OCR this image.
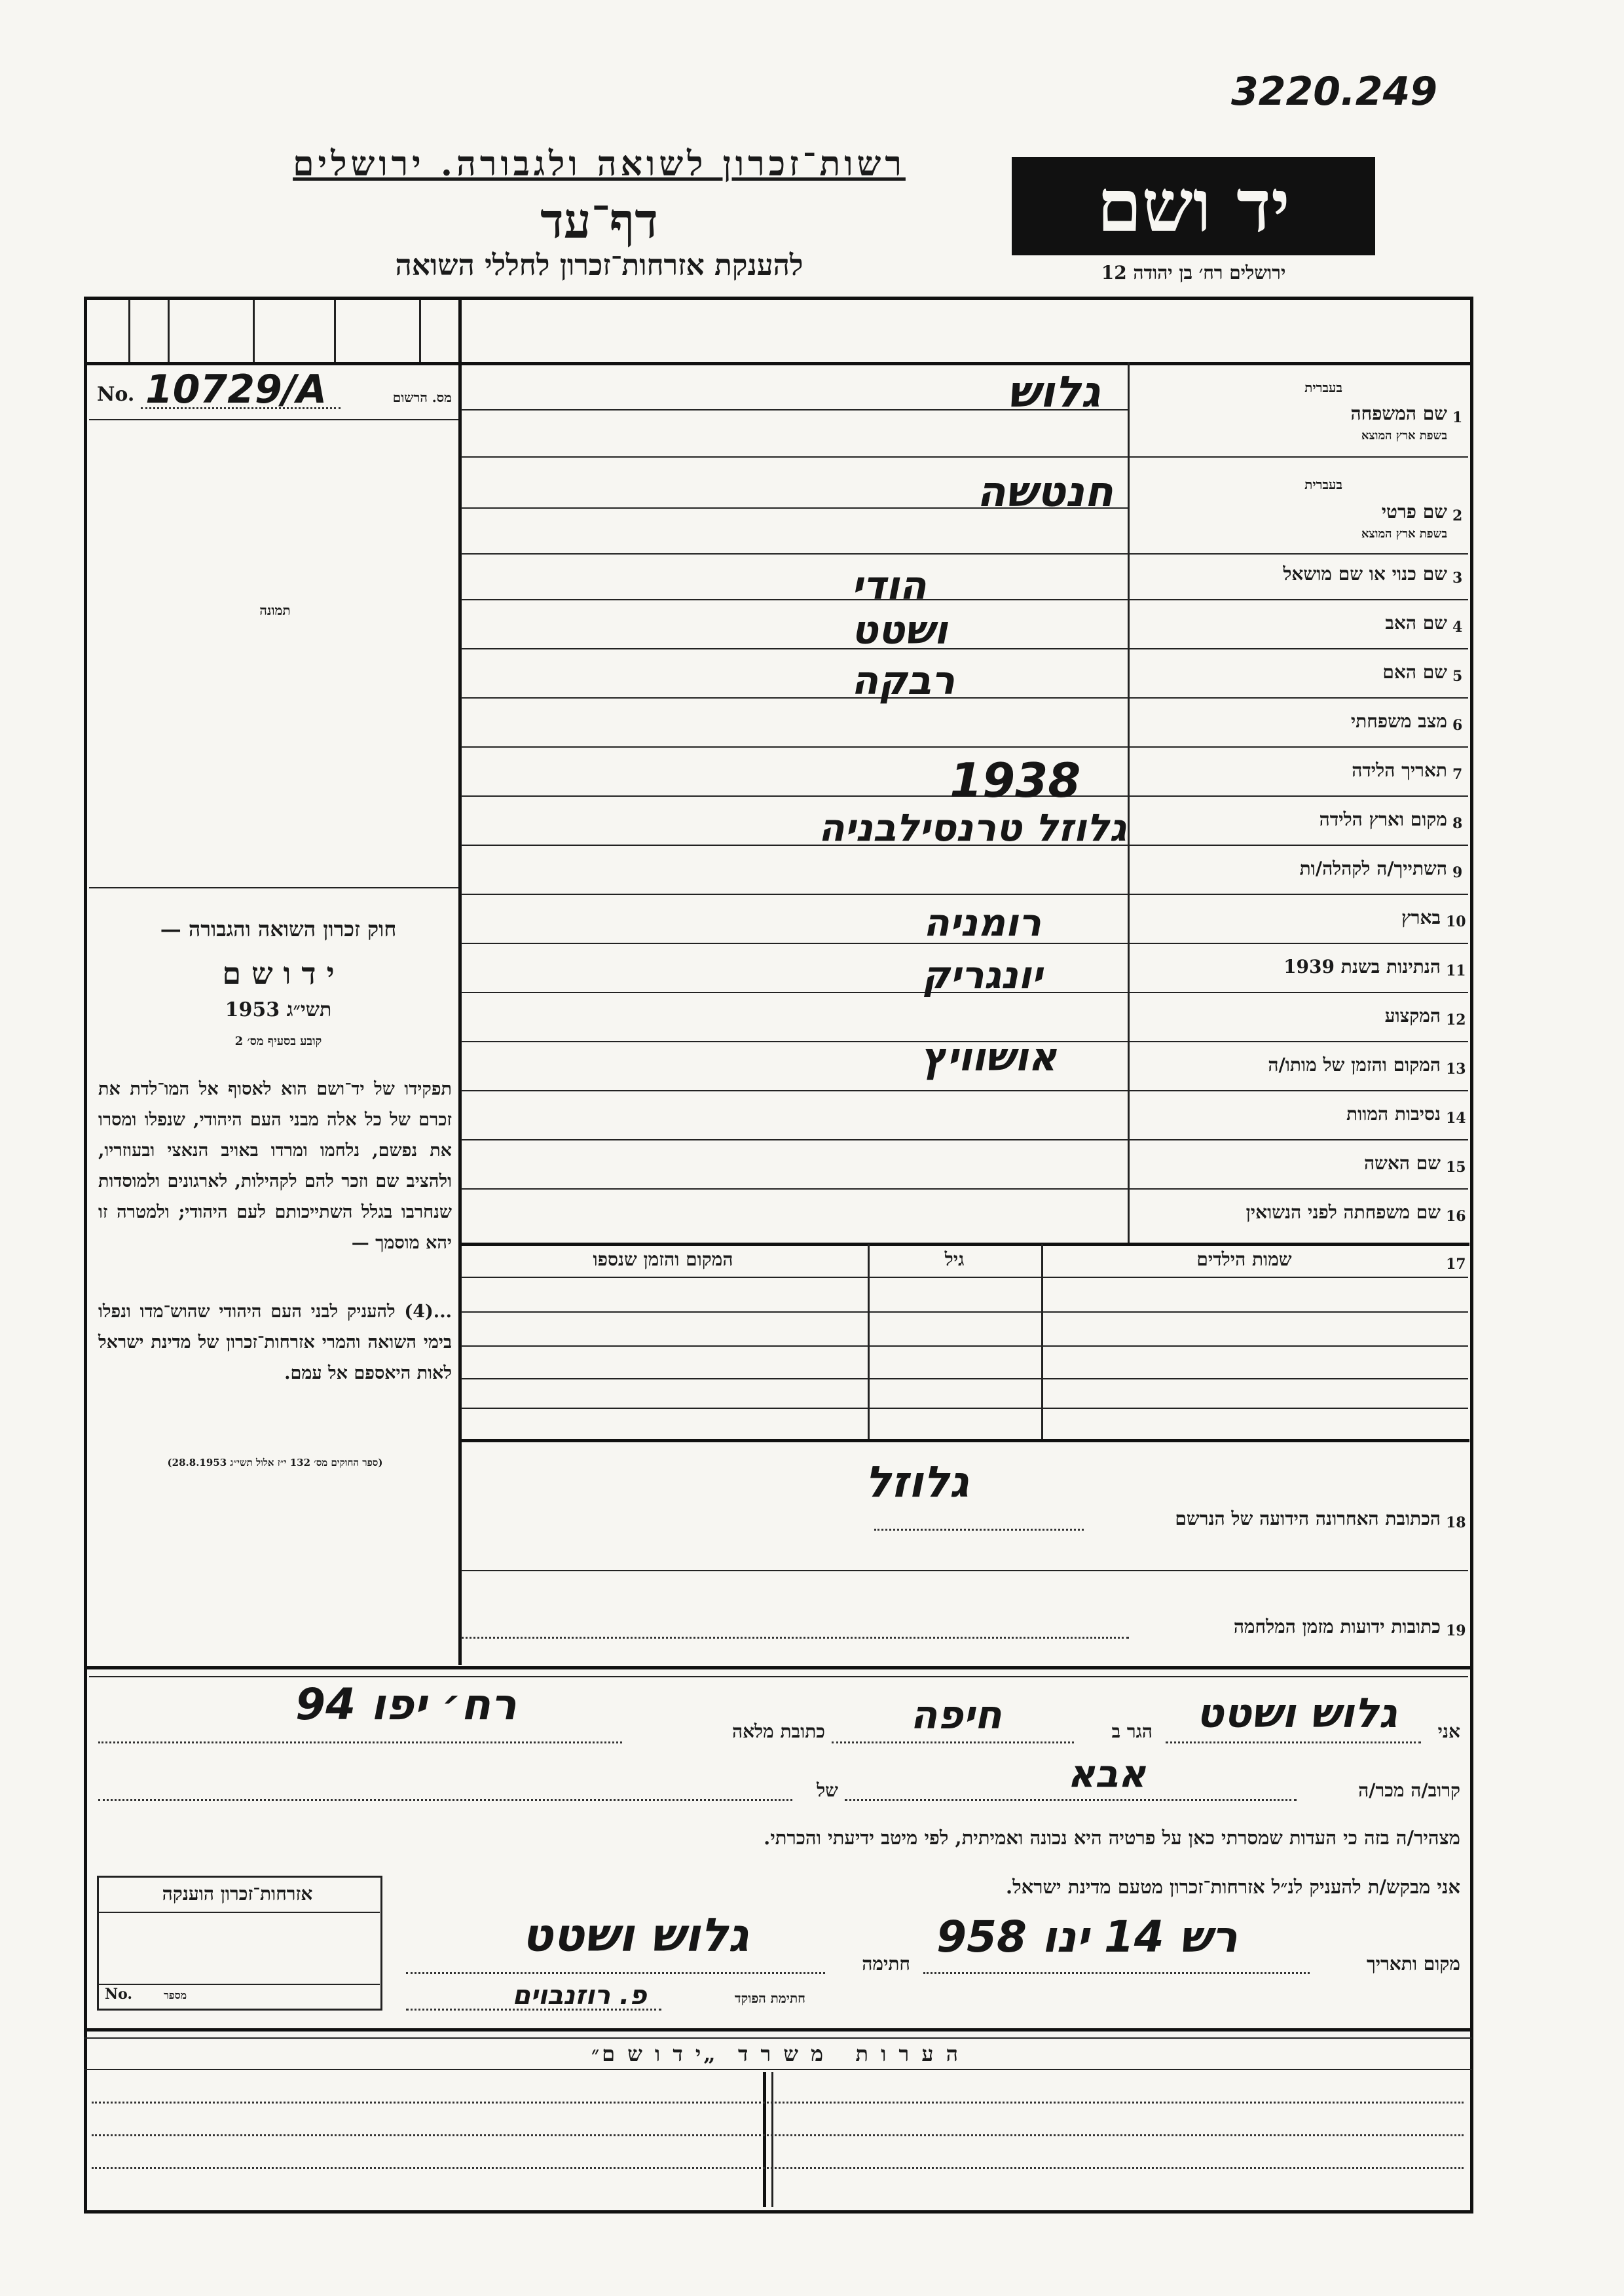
3220.249
רשות־זכרון לשואה ולגבורה. ירושלים
דף־עד
להענקת אזרחות־זכרון לחללי השואה
יד ושם
ירושלים רח׳ בן יהודה 12
No. 10729/A	מס. הרשום
תמונה
1
שם המשפחה
בעברית
בשפת ארץ המוצא
2
שם פרטי
בעברית
בשפת ארץ המוצא
3
שם כנוי או שם מושאל
4
שם האב
5
שם האם
6
מצב משפחתי
7
תאריך הלידה
8
מקום וארץ הלידה
9
השתייך/ה לקהלה/ות
10
בארץ
11
הנתינות בשנת 1939
12
המקצוע
13
המקום והזמן של מותו/ה
14
נסיבות המוות
15
שם האשה
16
שם משפחתה לפני הנשואין
גלוש
חנטשה
הודי
ושטט
רבקה
1938
גלוזל טרנסילבניה
רומניה
יונגריק
אושוויץ
חוק זכרון השואה והגבורה —
י ד ו ש ם
תשי״ג 1953
קובע בסעיף מס׳ 2
תפקידו של יד־ושם הוא לאסוף אל המו־לדת את זכרם של כל אלה מבני העם היהודי, שנפלו ומסרו את נפשם, נלחמו ומרדו באויב הנאצי ובעוזריו, ולהציב שם וזכר להם לקהילות, לארגונים ולמוסדות שנחרבו בגלל השתייכותם לעם היהודי; ולמטרה זו יהא מוסמך —
...(4) להעניק לבני העם היהודי שהוש־מדו ונפלו בימי השואה והמרי אזרחות־זכרון של מדינת ישראל לאות היאספם אל עמם.
(ספר החוקים מס׳ 132 י״ז אלול תשי״ג 28.8.1953)
17
שמות הילדים
גיל
המקום והזמן שנספו
18
הכתובת האחרונה הידועה של הנרשם
גלוזל
19
כתובות ידועות מזמן המלחמה
אני
גלוש ושטט
הגר ב
חיפה
כתובת מלאה
רח׳ יפו 94
קרוב/ה מכר/ה
אבא
של
מצהיר/ה בזה כי העדות שמסרתי כאן על פרטיה היא נכונה ואמיתית, לפי מיטב ידיעתי והכרתי.
אני מבקש/ת להעניק לנ״ל אזרחות־זכרון מטעם מדינת ישראל.
מקום ותאריך
רש 14 ינו 958
חתימה
גלוש ושטט
חתימת הפוקד
פ. רוזנבוים
אזרחות־זכרון הוענקה
No.	מספר
ה ע ר ו ת   מ ש ר ד  „י ד ו ש ם״
